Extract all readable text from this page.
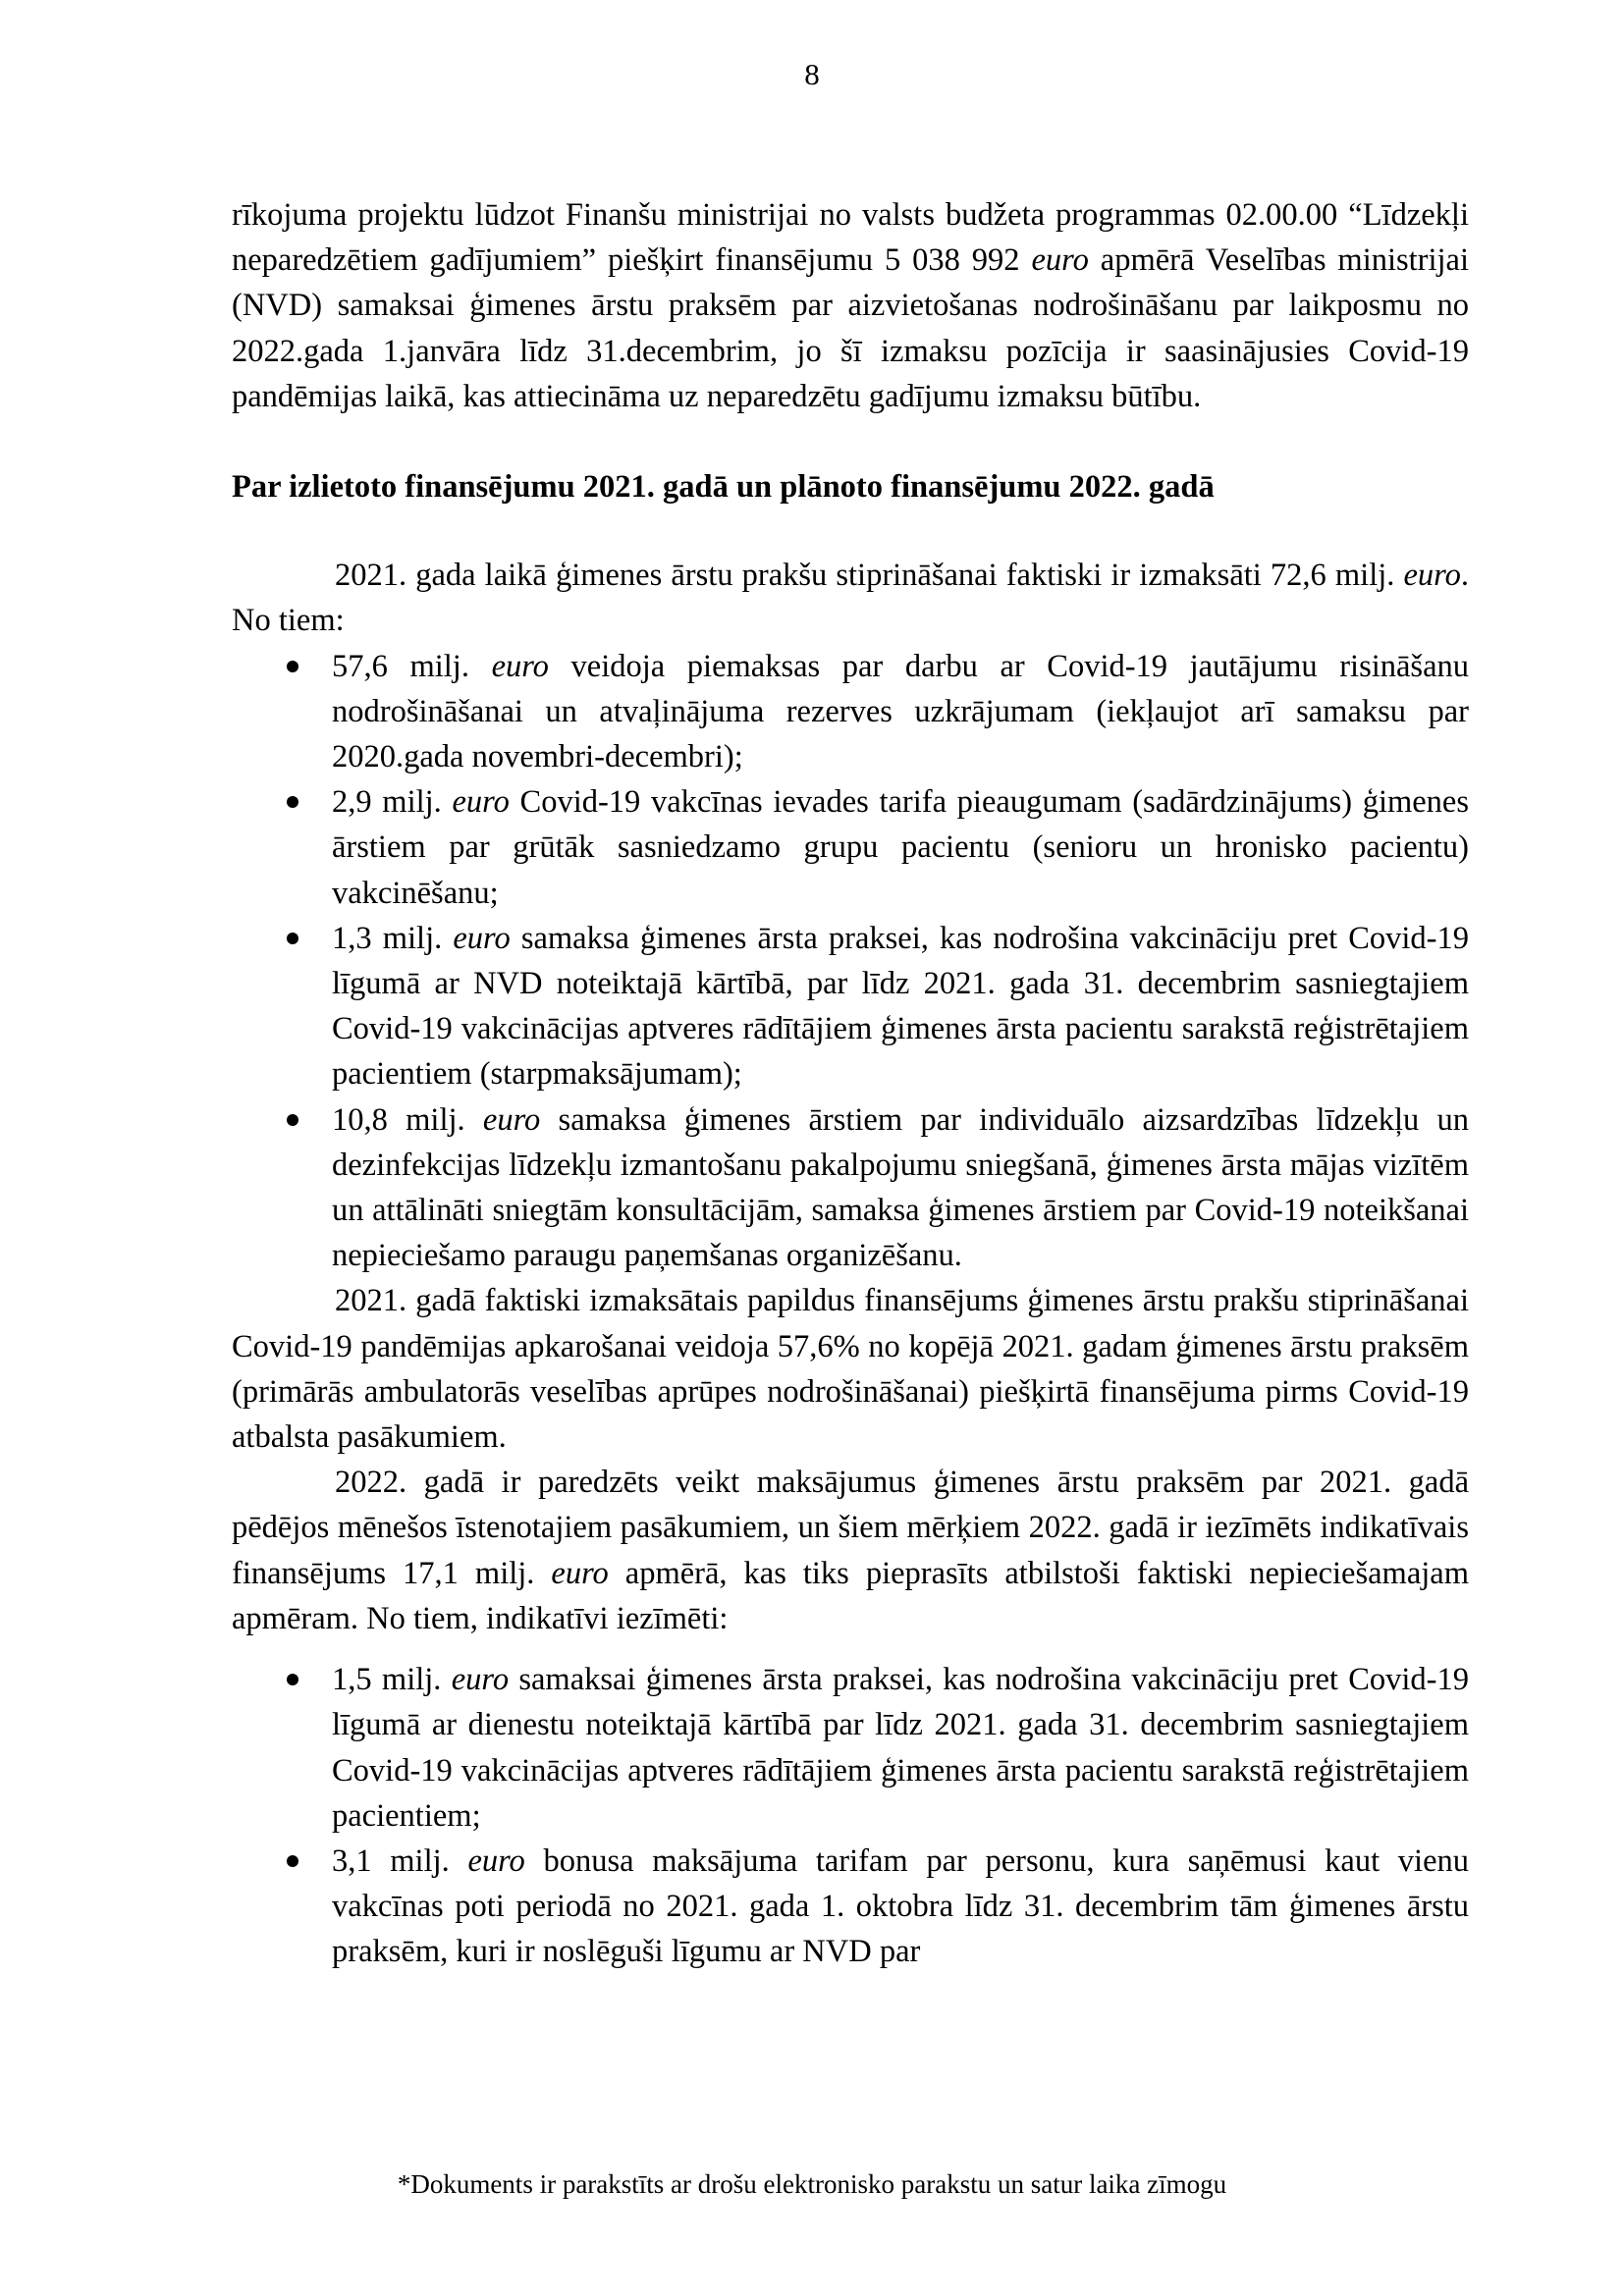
8

rīkojuma projektu lūdzot Finanšu ministrijai no valsts budžeta programmas 02.00.00 “Līdzekļi neparedzētiem gadījumiem” piešķirt finansējumu 5 038 992 euro apmērā Veselības ministrijai (NVD) samaksai ģimenes ārstu praksēm par aizvietošanas nodrošināšanu par laikposmu no 2022.gada 1.janvāra līdz 31.decembrim, jo šī izmaksu pozīcija ir saasinājusies Covid-19 pandēmijas laikā, kas attiecināma uz neparedzētu gadījumu izmaksu būtību.

Par izlietoto finansējumu 2021. gadā un plānoto finansējumu 2022. gadā

2021. gada laikā ģimenes ārstu prakšu stiprināšanai faktiski ir izmaksāti 72,6 milj. euro. No tiem:

57,6 milj. euro veidoja piemaksas par darbu ar Covid-19 jautājumu risināšanu nodrošināšanai un atvaļinājuma rezerves uzkrājumam (iekļaujot arī samaksu par 2020.gada novembri-decembri);
2,9 milj. euro Covid-19 vakcīnas ievades tarifa pieaugumam (sadārdzinājums) ģimenes ārstiem par grūtāk sasniedzamo grupu pacientu (senioru un hronisko pacientu) vakcinēšanu;
1,3 milj. euro samaksa ģimenes ārsta praksei, kas nodrošina vakcināciju pret Covid-19 līgumā ar NVD noteiktajā kārtībā, par līdz 2021. gada 31. decembrim sasniegtajiem Covid-19 vakcinācijas aptveres rādītājiem ģimenes ārsta pacientu sarakstā reģistrētajiem pacientiem (starpmaksājumam);
10,8 milj. euro samaksa ģimenes ārstiem par individuālo aizsardzības līdzekļu un dezinfekcijas līdzekļu izmantošanu pakalpojumu sniegšanā, ģimenes ārsta mājas vizītēm un attālināti sniegtām konsultācijām, samaksa ģimenes ārstiem par Covid-19 noteikšanai nepieciešamo paraugu paņemšanas organizēšanu.

2021. gadā faktiski izmaksātais papildus finansējums ģimenes ārstu prakšu stiprināšanai Covid-19 pandēmijas apkarošanai veidoja 57,6% no kopējā 2021. gadam ģimenes ārstu praksēm (primārās ambulatorās veselības aprūpes nodrošināšanai) piešķirtā finansējuma pirms Covid-19 atbalsta pasākumiem.

2022. gadā ir paredzēts veikt maksājumus ģimenes ārstu praksēm par 2021. gadā pēdējos mēnešos īstenotajiem pasākumiem, un šiem mērķiem 2022. gadā ir iezīmēts indikatīvais finansējums 17,1 milj. euro apmērā, kas tiks pieprasīts atbilstoši faktiski nepieciešamajam apmēram. No tiem, indikatīvi iezīmēti:

1,5 milj. euro samaksai ģimenes ārsta praksei, kas nodrošina vakcināciju pret Covid-19 līgumā ar dienestu noteiktajā kārtībā par līdz 2021. gada 31. decembrim sasniegtajiem Covid-19 vakcinācijas aptveres rādītājiem ģimenes ārsta pacientu sarakstā reģistrētajiem pacientiem;
3,1 milj. euro bonusa maksājuma tarifam par personu, kura saņēmusi kaut vienu vakcīnas poti periodā no 2021. gada 1. oktobra līdz 31. decembrim tām ģimenes ārstu praksēm, kuri ir noslēguši līgumu ar NVD par
*Dokuments ir parakstīts ar drošu elektronisko parakstu un satur laika zīmogu
